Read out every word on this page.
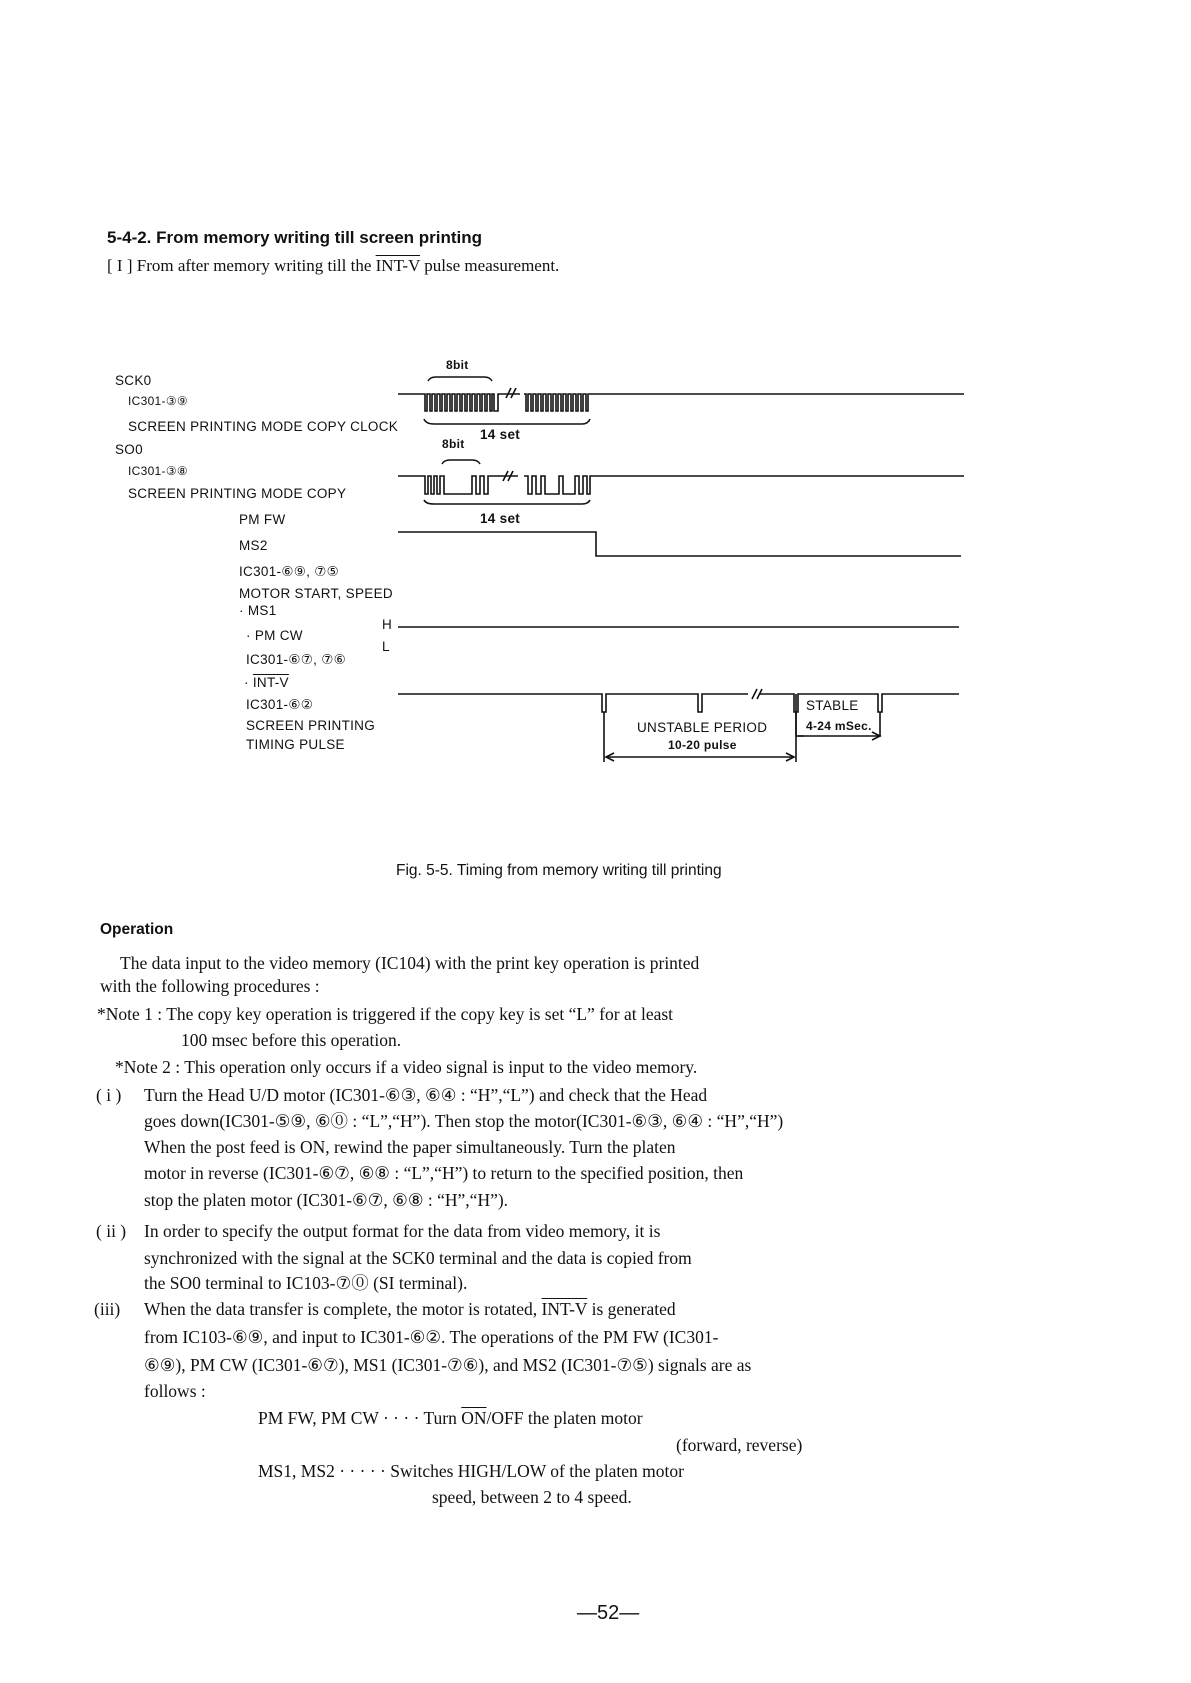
5-4-2. From memory writing till screen printing
[ I ] From after memory writing till the INT-V pulse measurement.
SCK0
IC301-③⑨
SCREEN PRINTING MODE COPY CLOCK
8bit
14 set
SO0
IC301-③⑧
SCREEN PRINTING MODE COPY
8bit
14 set
PM FW
MS2
IC301-⑥⑨, ⑦⑤
MOTOR START, SPEED
· MS1
H
· PM CW
L
IC301-⑥⑦, ⑦⑥
· INT-V
IC301-⑥②
SCREEN PRINTING
TIMING PULSE
UNSTABLE PERIOD
10-20 pulse
STABLE
4-24 mSec.
Fig. 5-5. Timing from memory writing till printing
Operation
The data input to the video memory (IC104) with the print key operation is printed
with the following procedures :
*Note 1 : The copy key operation is triggered if the copy key is set “L” for at least
100 msec before this operation.
*Note 2 : This operation only occurs if a video signal is input to the video memory.
( i ) Turn the Head U/D motor (IC301-⑥③, ⑥④ : “H”,“L”) and check that the Head
goes down(IC301-⑤⑨, ⑥⓪ : “L”,“H”). Then stop the motor(IC301-⑥③, ⑥④ : “H”,“H”)
When the post feed is ON, rewind the paper simultaneously. Turn the platen
motor in reverse (IC301-⑥⑦, ⑥⑧ : “L”,“H”) to return to the specified position, then
stop the platen motor (IC301-⑥⑦, ⑥⑧ : “H”,“H”).
( ii ) In order to specify the output format for the data from video memory, it is
synchronized with the signal at the SCK0 terminal and the data is copied from
the SO0 terminal to IC103-⑦⓪ (SI terminal).
(iii) When the data transfer is complete, the motor is rotated, INT-V is generated
from IC103-⑥⑨, and input to IC301-⑥②. The operations of the PM FW (IC301-
⑥⑨), PM CW (IC301-⑥⑦), MS1 (IC301-⑦⑥), and MS2 (IC301-⑦⑤) signals are as
follows :
PM FW, PM CW · · · · Turn $\overline{ON}$/OFF the platen motor
(forward, reverse)
MS1, MS2 · · · · · Switches HIGH/LOW of the platen motor
speed, between 2 to 4 speed.
—52—
